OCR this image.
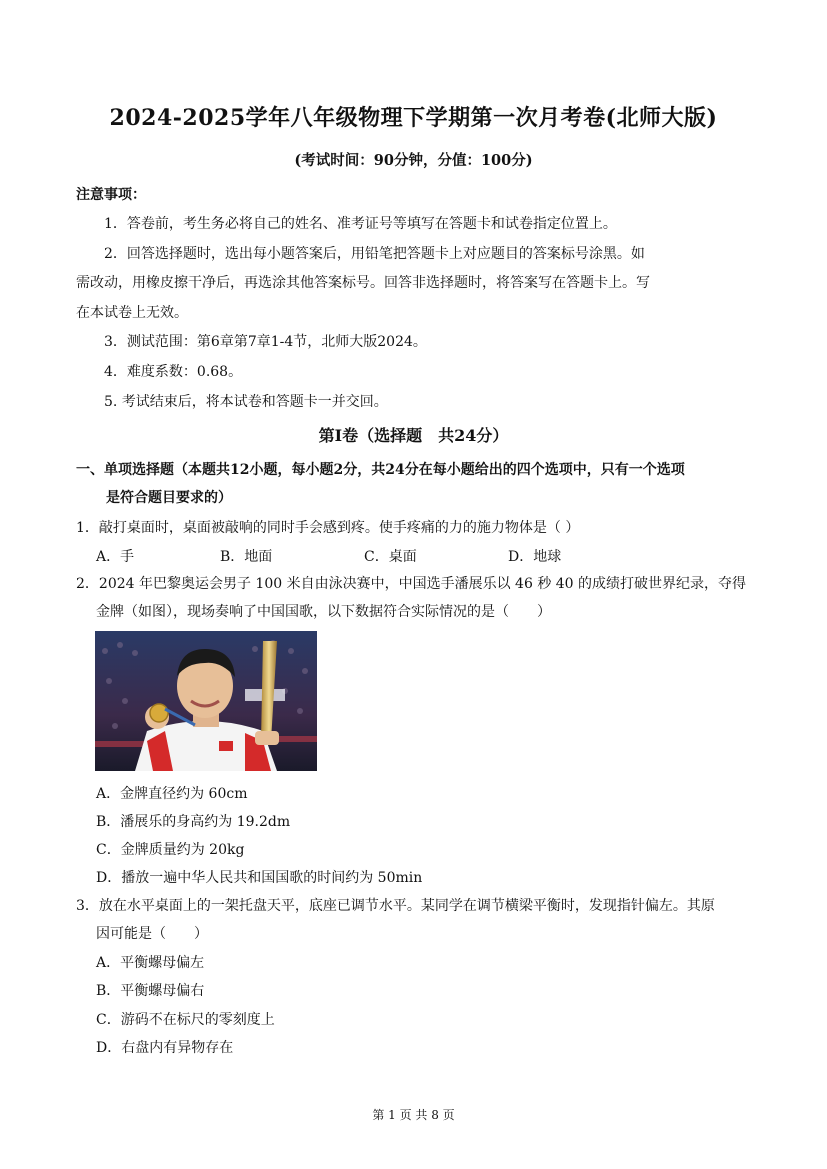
2024-2025学年八年级物理下学期第一次月考卷(北师大版)
(考试时间：90分钟，分值：100分)
注意事项：
1．答卷前，考生务必将自己的姓名、准考证号等填写在答题卡和试卷指定位置上。
2．回答选择题时，选出每小题答案后，用铅笔把答题卡上对应题目的答案标号涂黑。如
需改动，用橡皮擦干净后，再选涂其他答案标号。回答非选择题时，将答案写在答题卡上。写
在本试卷上无效。
3．测试范围：第6章第7章1-4节，北师大版2024。
4．难度系数：0.68。
5. 考试结束后，将本试卷和答题卡一并交回。
第Ⅰ卷（选择题　共24分）
一、单项选择题（本题共12小题，每小题2分，共24分在每小题给出的四个选项中，只有一个选项
是符合题目要求的）
1．敲打桌面时，桌面被敲响的同时手会感到疼。使手疼痛的力的施力物体是（ ）
A．手	B．地面	C．桌面	D．地球
2．2024 年巴黎奥运会男子 100 米自由泳决赛中，中国选手潘展乐以 46 秒 40 的成绩打破世界纪录，夺得
金牌（如图），现场奏响了中国国歌，以下数据符合实际情况的是（　　）
A．金牌直径约为 60cm
B．潘展乐的身高约为 19.2dm
C．金牌质量约为 20kg
D．播放一遍中华人民共和国国歌的时间约为 50min
3．放在水平桌面上的一架托盘天平，底座已调节水平。某同学在调节横梁平衡时，发现指针偏左。其原
因可能是（　　）
A．平衡螺母偏左
B．平衡螺母偏右
C．游码不在标尺的零刻度上
D．右盘内有异物存在
第 1 页 共 8 页
